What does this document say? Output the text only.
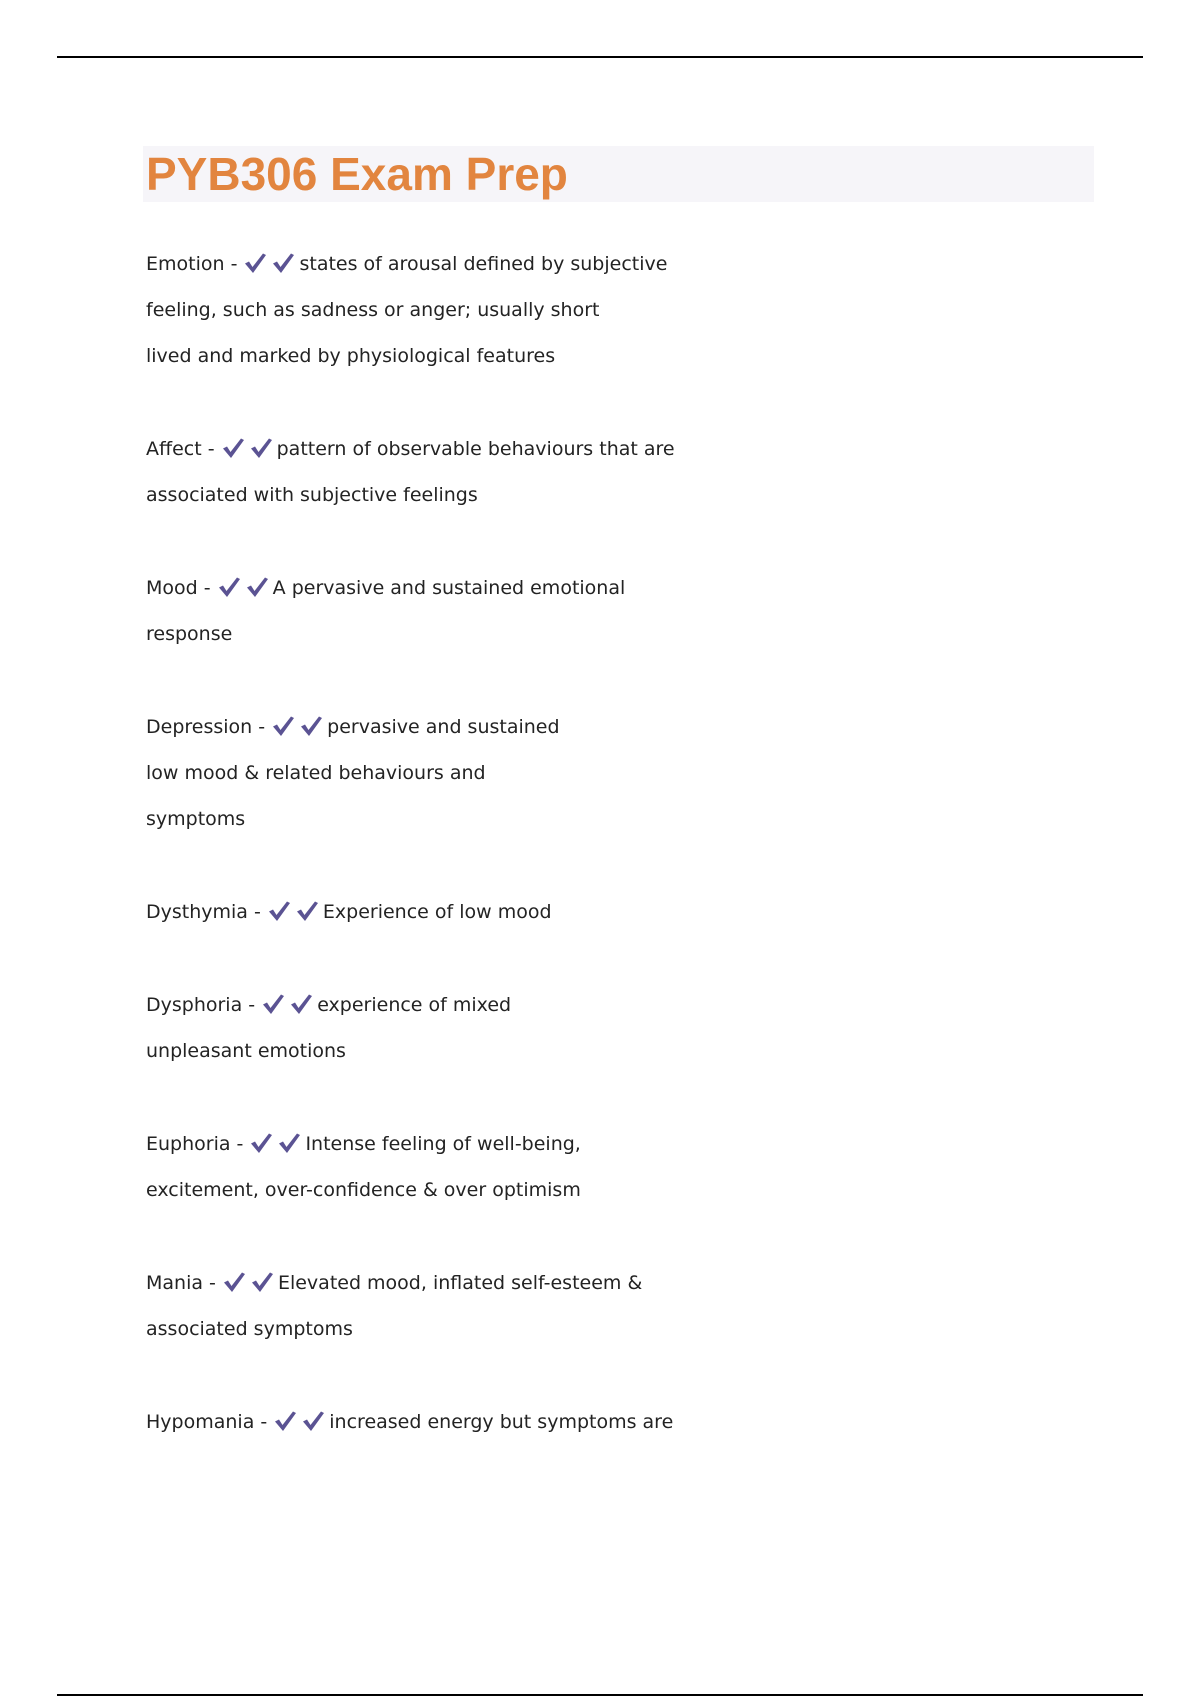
PYB306 Exam Prep
Emotion -	states of arousal defined by subjective
feeling, such as sadness or anger; usually short
lived and marked by physiological features
Affect -	pattern of observable behaviours that are
associated with subjective feelings
Mood -	A pervasive and sustained emotional
response
Depression -	pervasive and sustained
low mood & related behaviours and
symptoms
Dysthymia -	Experience of low mood
Dysphoria -	experience of mixed
unpleasant emotions
Euphoria -	Intense feeling of well-being,
excitement, over-confidence & over optimism
Mania -	Elevated mood, inflated self-esteem &
associated symptoms
Hypomania -	increased energy but symptoms are
